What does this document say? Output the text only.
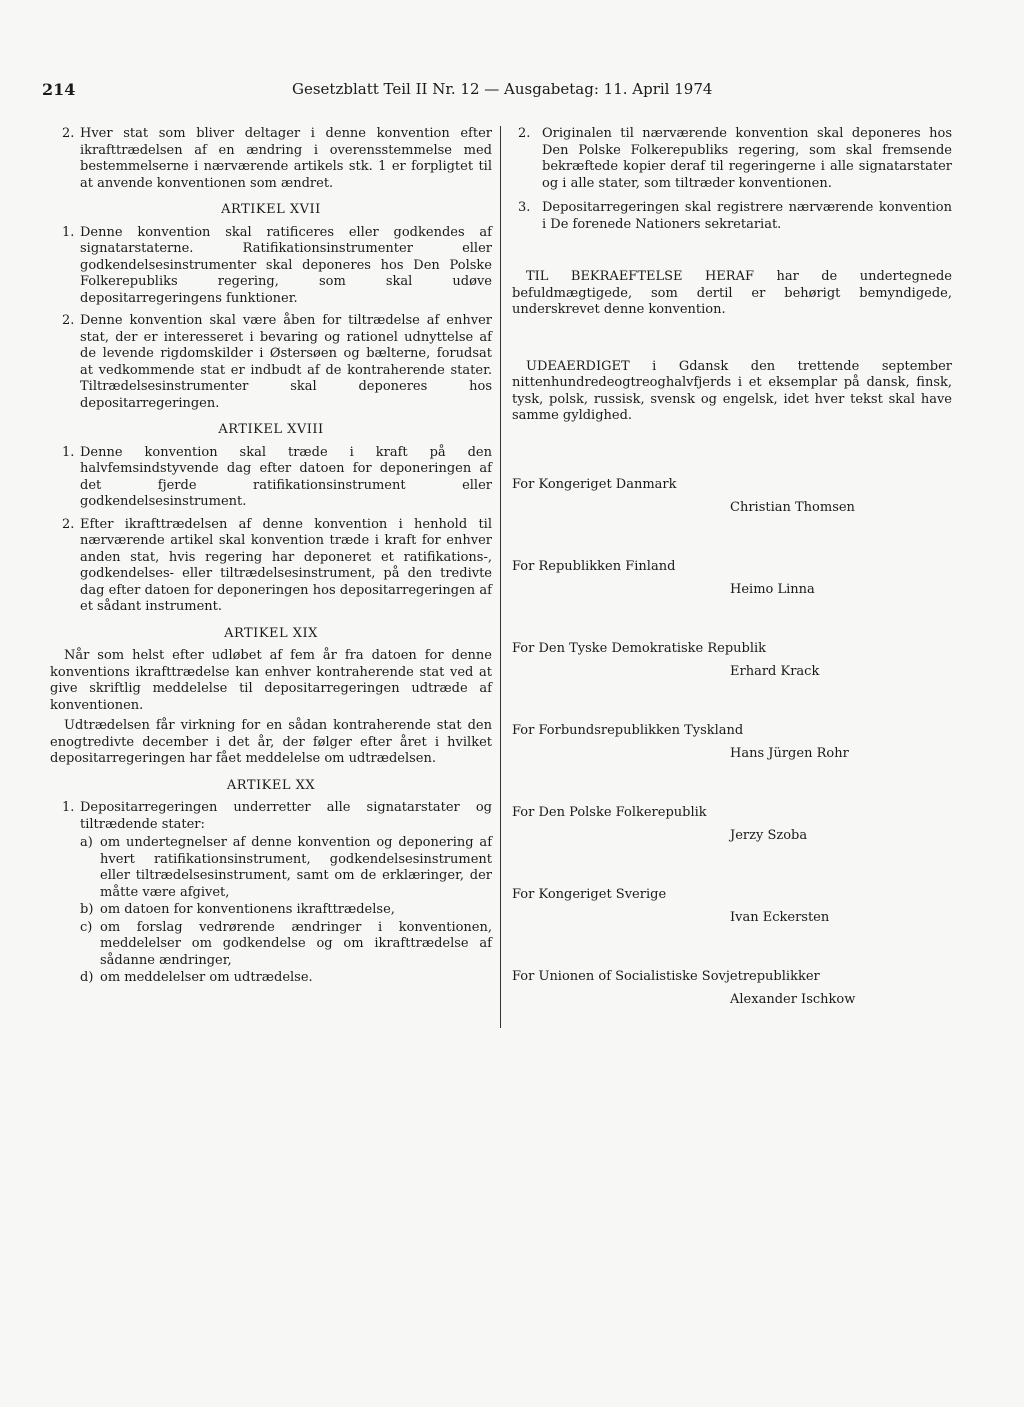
214	Gesetzblatt Teil II Nr. 12 — Ausgabetag: 11. April 1974
2. Hver stat som bliver deltager i denne konvention efter ikrafttrædelsen af en ændring i overensstemmelse med bestemmelserne i nærværende artikels stk. 1 er forpligtet til at anvende konventionen som ændret.
ARTIKEL XVII
1. Denne konvention skal ratificeres eller godkendes af signatarstaterne. Ratifikationsinstrumenter eller godkendelsesinstrumenter skal deponeres hos Den Polske Folkerepubliks regering, som skal udøve depositarregeringens funktioner.
2. Denne konvention skal være åben for tiltrædelse af enhver stat, der er interesseret i bevaring og rationel udnyttelse af de levende rigdomskilder i Østersøen og bælterne, forudsat at vedkommende stat er indbudt af de kontraherende stater. Tiltrædelsesinstrumenter skal deponeres hos depositarregeringen.
ARTIKEL XVIII
1. Denne konvention skal træde i kraft på den halvfemsindstyvende dag efter datoen for deponeringen af det fjerde ratifikationsinstrument eller godkendelsesinstrument.
2. Efter ikrafttrædelsen af denne konvention i henhold til nærværende artikel skal konvention træde i kraft for enhver anden stat, hvis regering har deponeret et ratifikations-, godkendelses- eller tiltrædelsesinstrument, på den tredivte dag efter datoen for deponeringen hos depositarregeringen af et sådant instrument.
ARTIKEL XIX

Når som helst efter udløbet af fem år fra datoen for denne konventions ikrafttrædelse kan enhver kontraherende stat ved at give skriftlig meddelelse til depositarregeringen udtræde af konventionen.

Udtrædelsen får virkning for en sådan kontraherende stat den enogtredivte december i det år, der følger efter året i hvilket depositarregeringen har fået meddelelse om udtrædelsen.

ARTIKEL XX
1. Depositarregeringen underretter alle signatarstater og tiltrædende stater:
a) om undertegnelser af denne konvention og deponering af hvert ratifikationsinstrument, godkendelsesinstrument eller tiltrædelsesinstrument, samt om de erklæringer, der måtte være afgivet,
b) om datoen for konventionens ikrafttrædelse,
c) om forslag vedrørende ændringer i konventionen, meddelelser om godkendelse og om ikrafttrædelse af sådanne ændringer,
d) om meddelelser om udtrædelse.
2. Originalen til nærværende konvention skal deponeres hos Den Polske Folkerepubliks regering, som skal fremsende bekræftede kopier deraf til regeringerne i alle signatarstater og i alle stater, som tiltræder konventionen.
3. Depositarregeringen skal registrere nærværende konvention i De forenede Nationers sekretariat.

TIL BEKRAEFTELSE HERAF har de undertegnede befuldmægtigede, som dertil er behørigt bemyndigede, underskrevet denne konvention.

UDEAERDIGET i Gdansk den trettende september nittenhundredeogtreoghalvfjerds i et eksemplar på dansk, finsk, tysk, polsk, russisk, svensk og engelsk, idet hver tekst skal have samme gyldighed.

For Kongeriget Danmark
Christian Thomsen
For Republikken Finland
Heimo Linna
For Den Tyske Demokratiske Republik
Erhard Krack
For Forbundsrepublikken Tyskland
Hans Jürgen Rohr
For Den Polske Folkerepublik
Jerzy Szoba
For Kongeriget Sverige
Ivan Eckersten
For Unionen of Socialistiske Sovjetrepublikker
Alexander Ischkow
